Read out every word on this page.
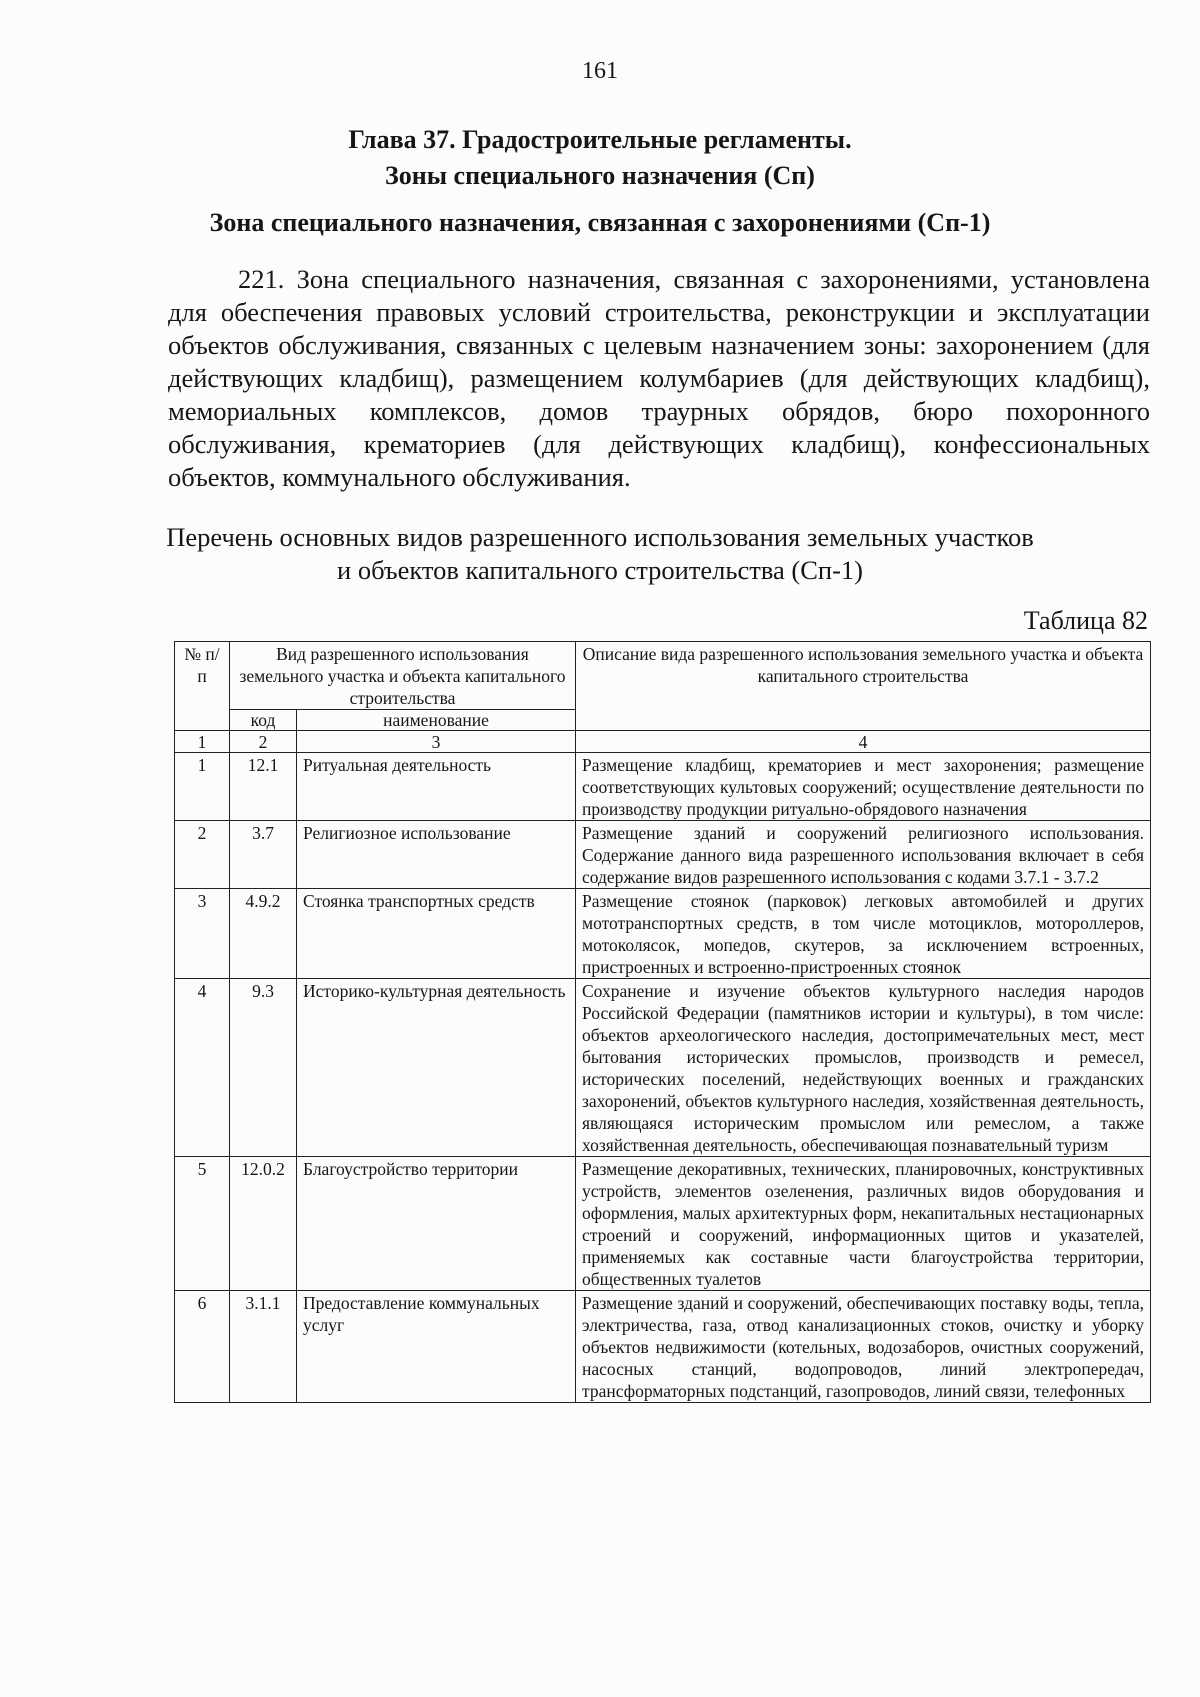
161
Глава 37. Градостроительные регламенты.
Зоны специального назначения (Сп)
Зона специального назначения, связанная с захоронениями (Сп-1)
221. Зона специального назначения, связанная с захоронениями, установлена для обеспечения правовых условий строительства, реконструкции и эксплуатации объектов обслуживания, связанных с целевым назначением зоны: захоронением (для действующих кладбищ), размещением колумбариев (для действующих кладбищ), мемориальных комплексов, домов траурных обрядов, бюро похоронного обслуживания, крематориев (для действующих кладбищ), конфессиональных объектов, коммунального обслуживания.
Перечень основных видов разрешенного использования земельных участков
и объектов капитального строительства (Сп-1)
Таблица 82
№ п/п	Вид разрешенного использования земельного участка и объекта капитального строительства		Описание вида разрешенного использования земельного участка и объекта капитального строительства
	код	наименование	
1	2	3	4
1	12.1	Ритуальная деятельность	Размещение кладбищ, крематориев и мест захоронения; размещение соответствующих культовых сооружений; осуществление деятельности по производству продукции ритуально-обрядового назначения
2	3.7	Религиозное использование	Размещение зданий и сооружений религиозного использования. Содержание данного вида разрешенного использования включает в себя содержание видов разрешенного использования с кодами 3.7.1 - 3.7.2
3	4.9.2	Стоянка транспортных средств	Размещение стоянок (парковок) легковых автомобилей и других мототранспортных средств, в том числе мотоциклов, мотороллеров, мотоколясок, мопедов, скутеров, за исключением встроенных, пристроенных и встроенно-пристроенных стоянок
4	9.3	Историко-культурная деятельность	Сохранение и изучение объектов культурного наследия народов Российской Федерации (памятников истории и культуры), в том числе: объектов археологического наследия, достопримечательных мест, мест бытования исторических промыслов, производств и ремесел, исторических поселений, недействующих военных и гражданских захоронений, объектов культурного наследия, хозяйственная деятельность, являющаяся историческим промыслом или ремеслом, а также хозяйственная деятельность, обеспечивающая познавательный туризм
5	12.0.2	Благоустройство территории	Размещение декоративных, технических, планировочных, конструктивных устройств, элементов озеленения, различных видов оборудования и оформления, малых архитектурных форм, некапитальных нестационарных строений и сооружений, информационных щитов и указателей, применяемых как составные части благоустройства территории, общественных туалетов
6	3.1.1	Предоставление коммунальных услуг	Размещение зданий и сооружений, обеспечивающих поставку воды, тепла, электричества, газа, отвод канализационных стоков, очистку и уборку объектов недвижимости (котельных, водозаборов, очистных сооружений, насосных станций, водопроводов, линий электропередач, трансформаторных подстанций, газопроводов, линий связи, телефонных
